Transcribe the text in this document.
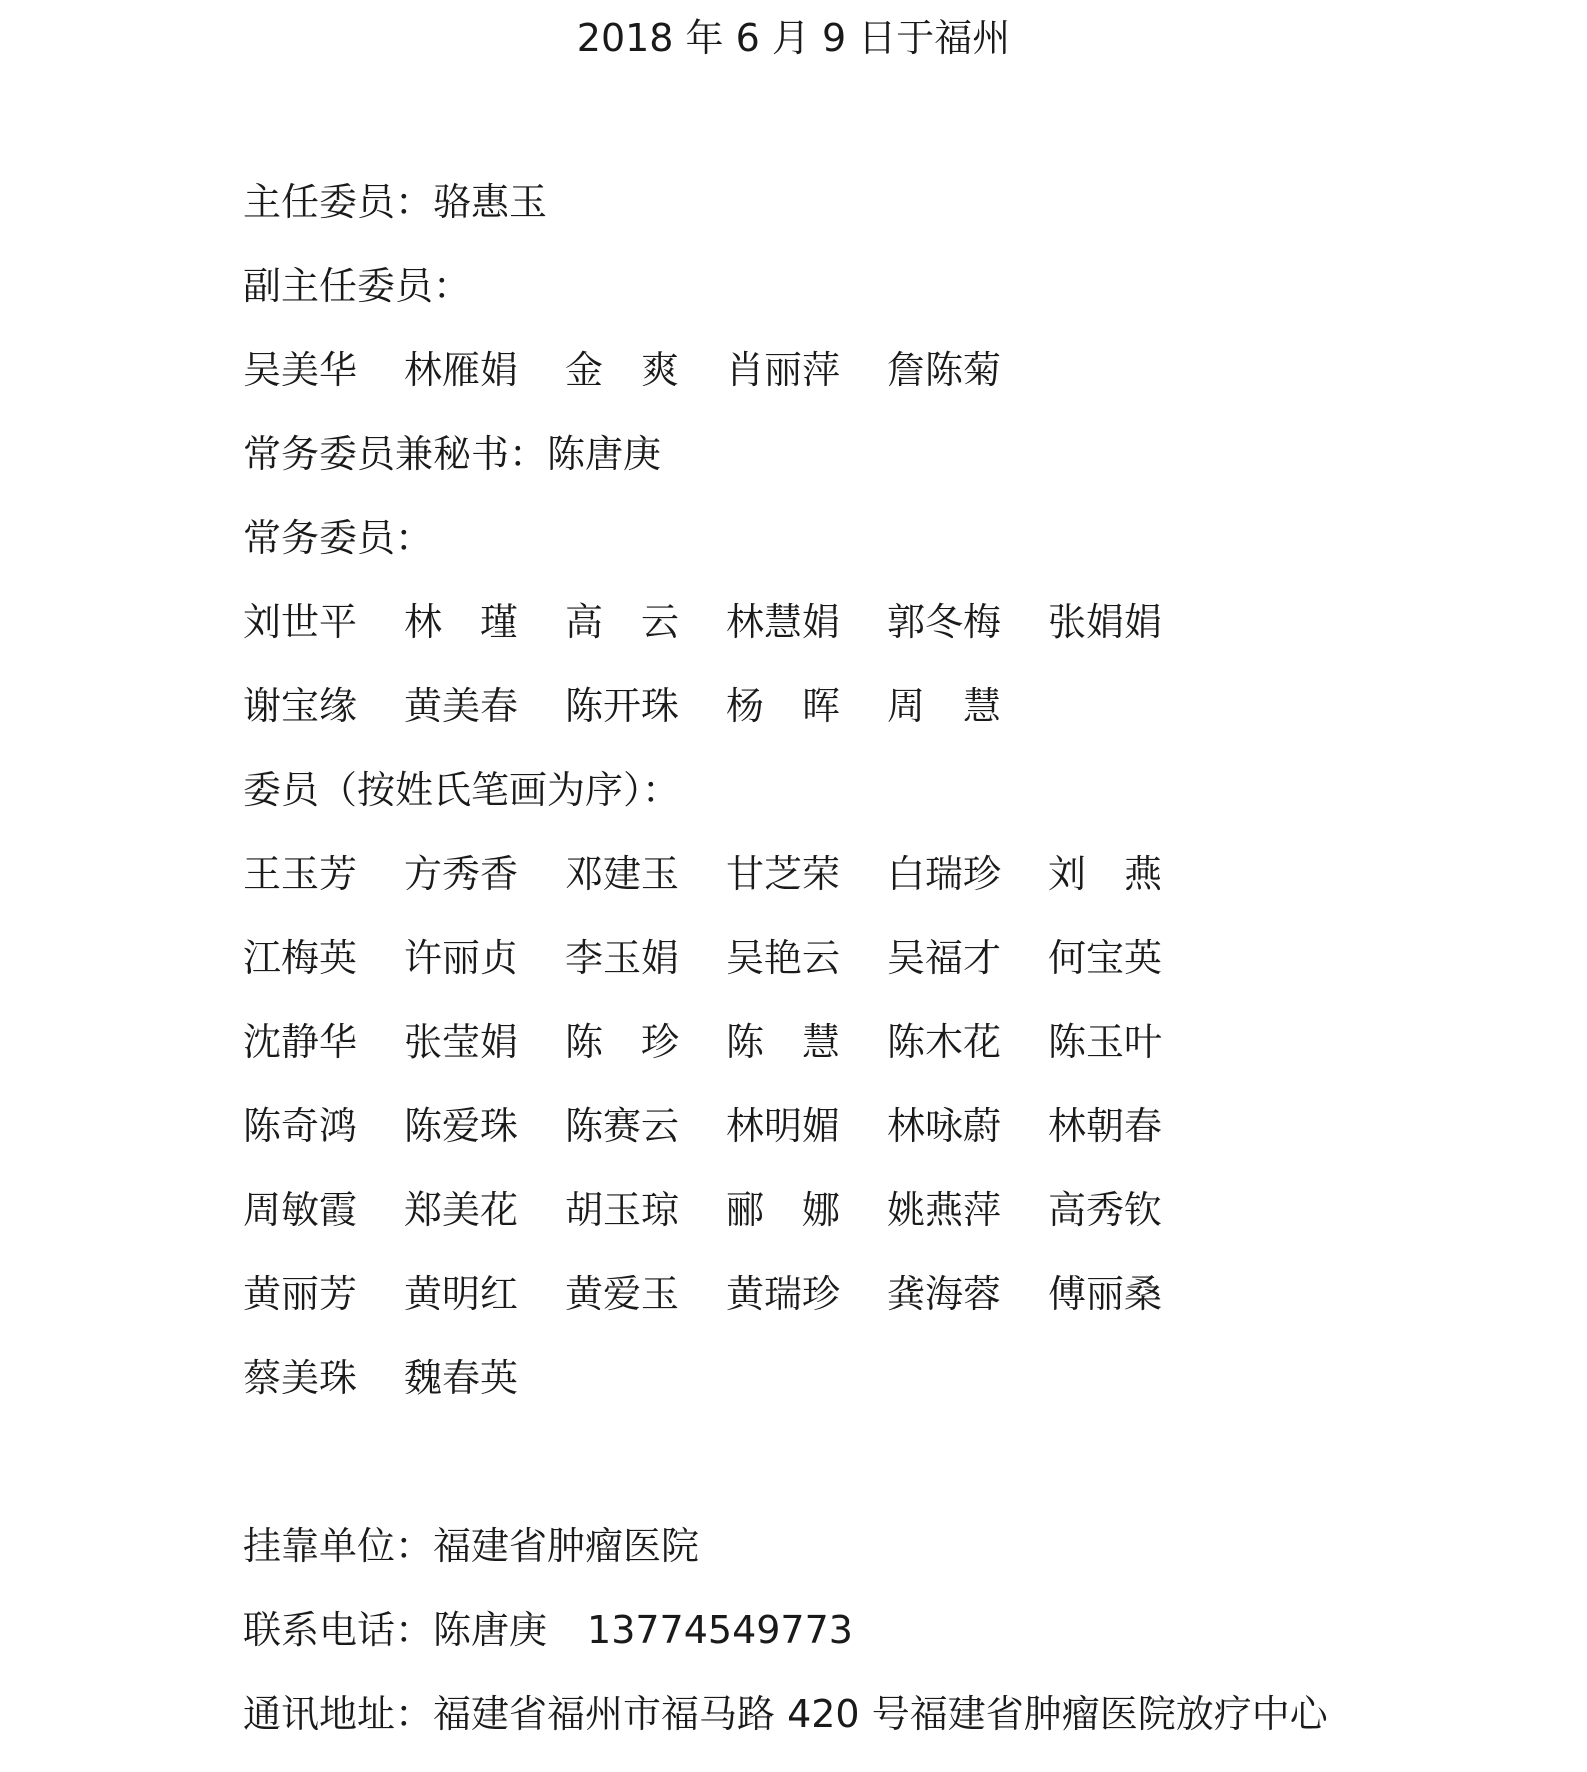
2018 年 6 月 9 日于福州
主任委员：骆惠玉
副主任委员：
吴美华	林雁娟	金　爽	肖丽萍	詹陈菊
常务委员兼秘书：陈唐庚
常务委员：
刘世平	林　瑾	高　云	林慧娟	郭冬梅	张娟娟
谢宝缘	黄美春	陈开珠	杨　晖	周　慧
委员（按姓氏笔画为序）：
王玉芳	方秀香	邓建玉	甘芝荣	白瑞珍	刘　燕
江梅英	许丽贞	李玉娟	吴艳云	吴福才	何宝英
沈静华	张莹娟	陈　珍	陈　慧	陈木花	陈玉叶
陈奇鸿	陈爱珠	陈赛云	林明媚	林咏蔚	林朝春
周敏霞	郑美花	胡玉琼	郦　娜	姚燕萍	高秀钦
黄丽芳	黄明红	黄爱玉	黄瑞珍	龚海蓉	傅丽桑
蔡美珠	魏春英
挂靠单位：福建省肿瘤医院
联系电话：陈唐庚 13774549773
通讯地址：福建省福州市福马路 420 号福建省肿瘤医院放疗中心
